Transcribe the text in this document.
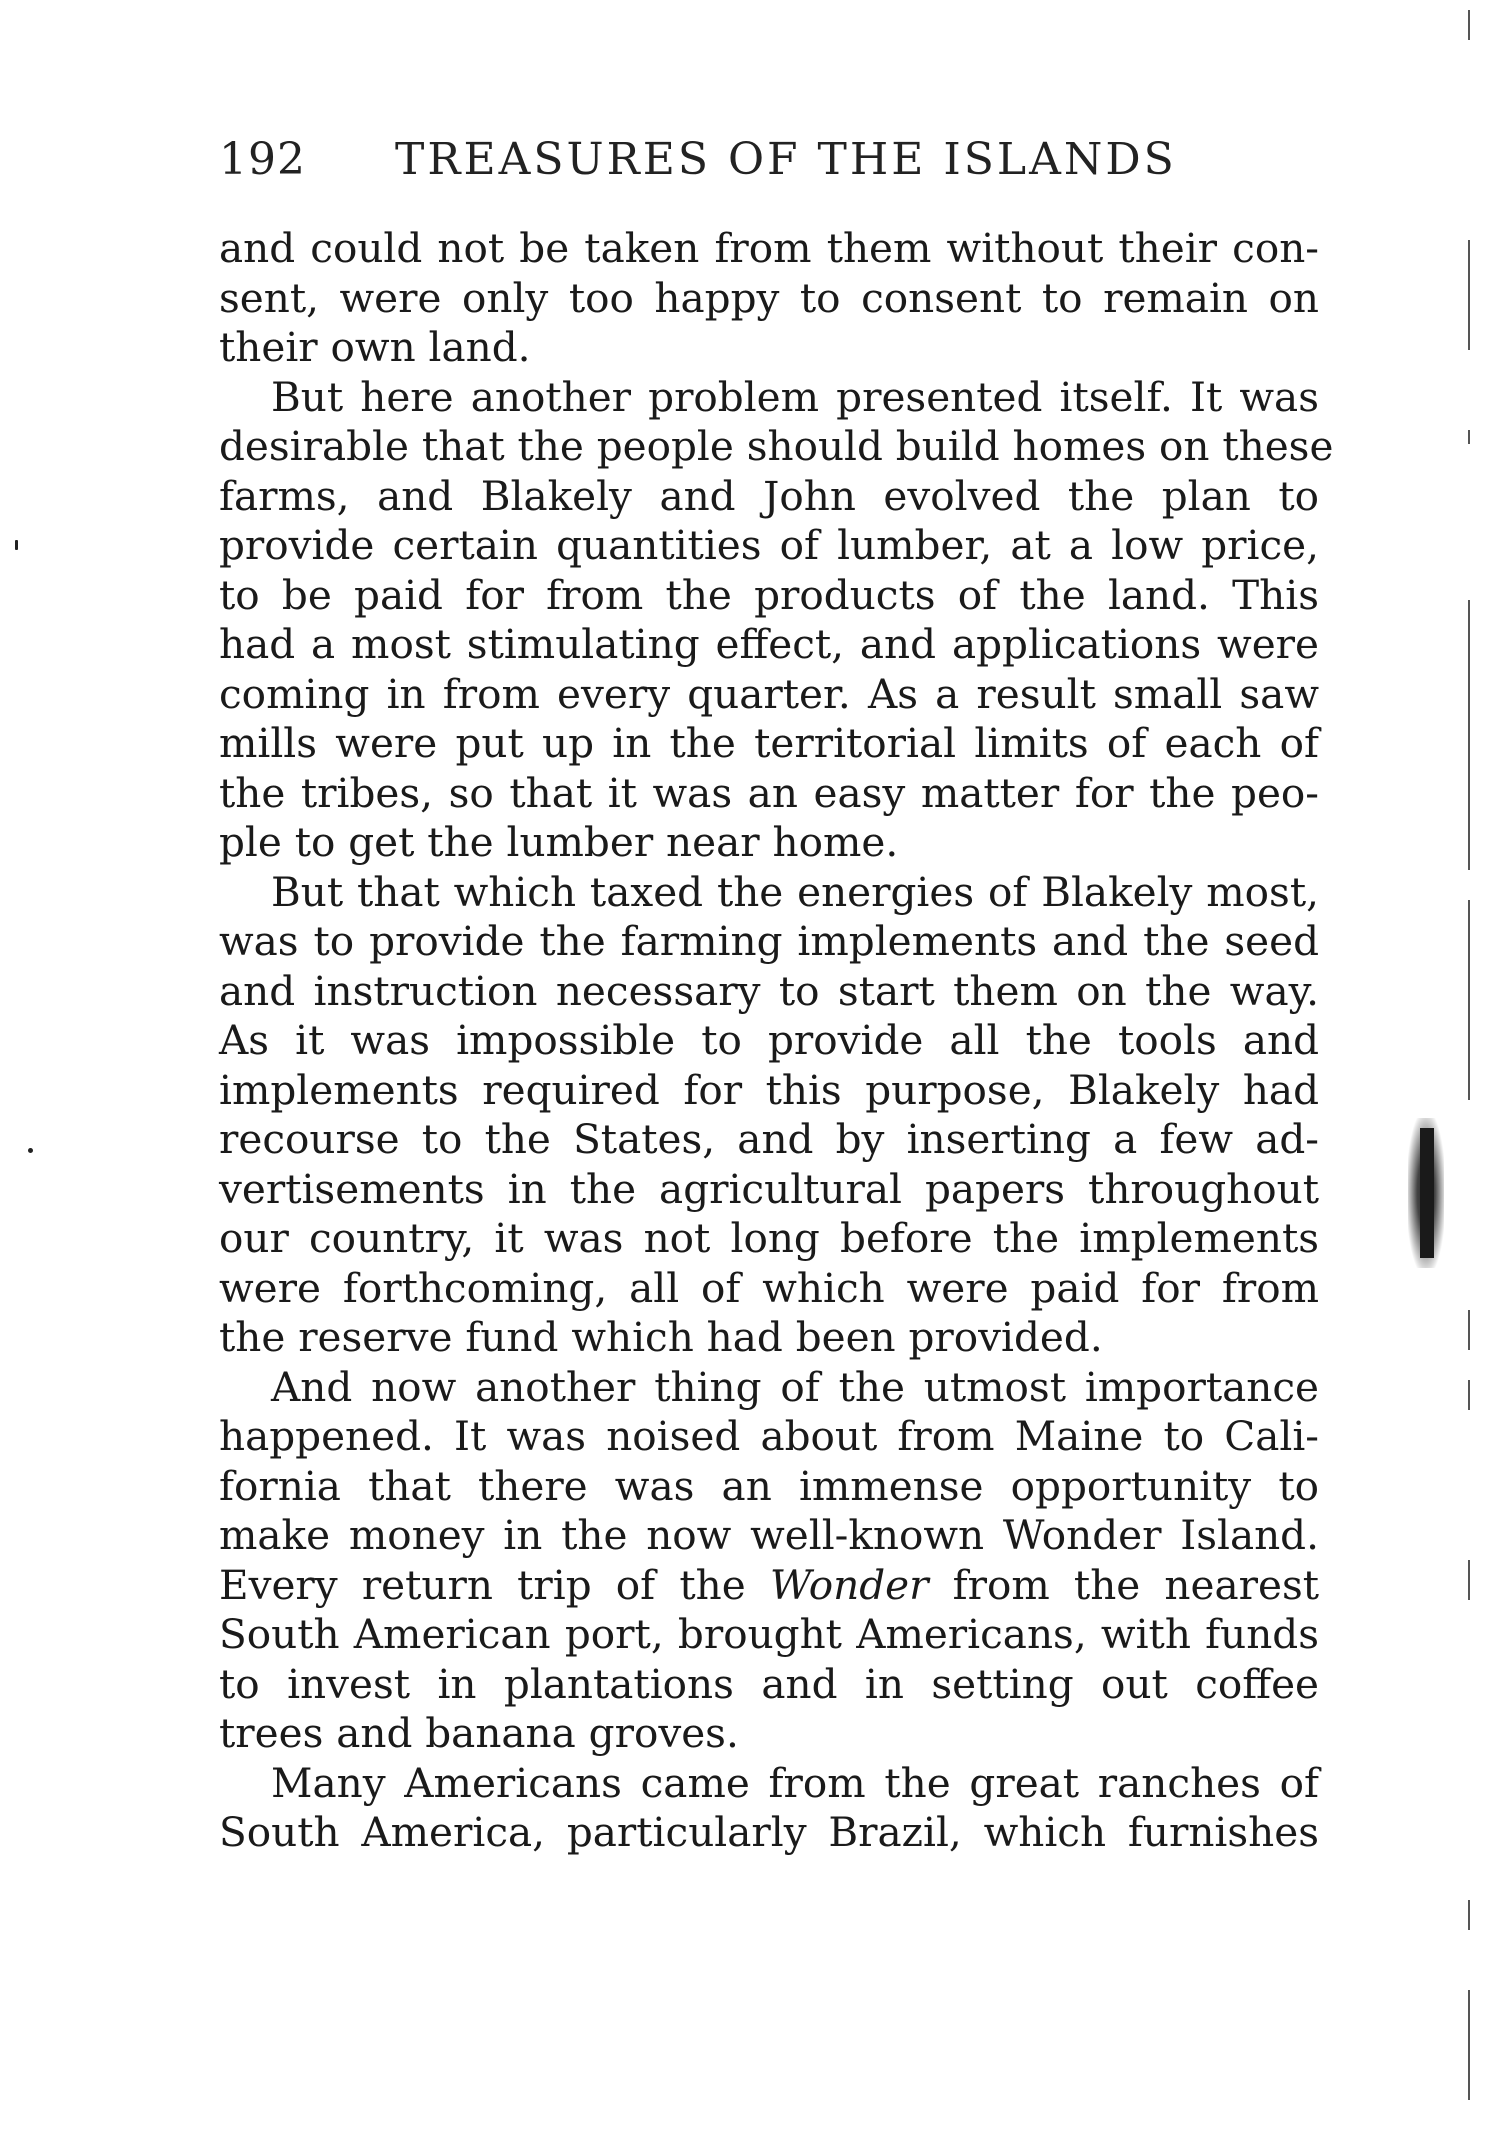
192 TREASURES OF THE ISLANDS
and could not be taken from them without their con-
sent, were only too happy to consent to remain on
their own land.
But here another problem presented itself. It was
desirable that the people should build homes on these
farms, and Blakely and John evolved the plan to
provide certain quantities of lumber, at a low price,
to be paid for from the products of the land. This
had a most stimulating effect, and applications were
coming in from every quarter. As a result small saw
mills were put up in the territorial limits of each of
the tribes, so that it was an easy matter for the peo-
ple to get the lumber near home.
But that which taxed the energies of Blakely most,
was to provide the farming implements and the seed
and instruction necessary to start them on the way.
As it was impossible to provide all the tools and
implements required for this purpose, Blakely had
recourse to the States, and by inserting a few ad-
vertisements in the agricultural papers throughout
our country, it was not long before the implements
were forthcoming, all of which were paid for from
the reserve fund which had been provided.
And now another thing of the utmost importance
happened. It was noised about from Maine to Cali-
fornia that there was an immense opportunity to
make money in the now well-known Wonder Island.
Every return trip of the Wonder from the nearest
South American port, brought Americans, with funds
to invest in plantations and in setting out coffee
trees and banana groves.
Many Americans came from the great ranches of
South America, particularly Brazil, which furnishes
